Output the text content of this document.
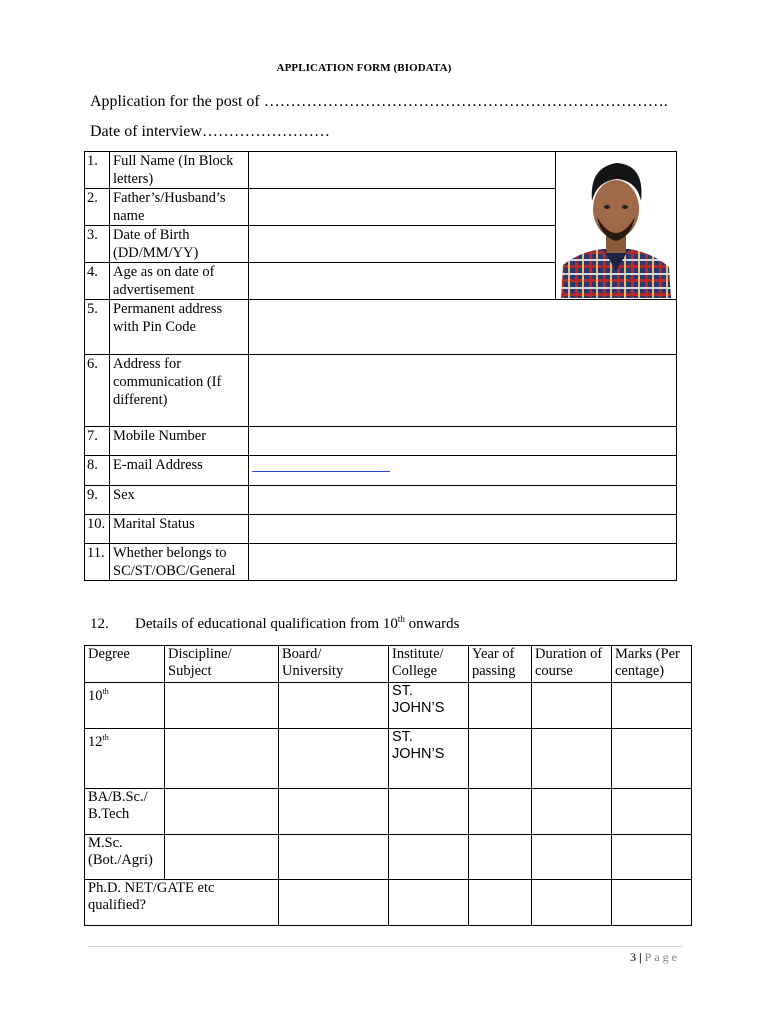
APPLICATION FORM (BIODATA)
Application for the post of ………………………………………………………………….
Date of interview……………………
1.	Full Name (In Block letters)		

2.	Father’s/Husband’s name		
3.	Date of Birth (DD/MM/YY)		
4.	Age as on date of advertisement		
5.	Permanent address with Pin Code		
6.	Address for communication (If different)		
7.	Mobile Number		
8.	E-mail Address		

9.	Sex		
10.	Marital Status		
11.	Whether belongs to SC/ST/OBC/General		
12. Details of educational qualification from 10th onwards
Degree	Discipline/ Subject	Board/ University	Institute/ College	Year of passing	Duration of course	Marks (Per centage)
10th			ST. JOHN’S			
12th			ST. JOHN’S			
BA/B.Sc./ B.Tech						
M.Sc. (Bot./Agri)						

Ph.D. NET/GATE etc qualified?						

3 | Page
